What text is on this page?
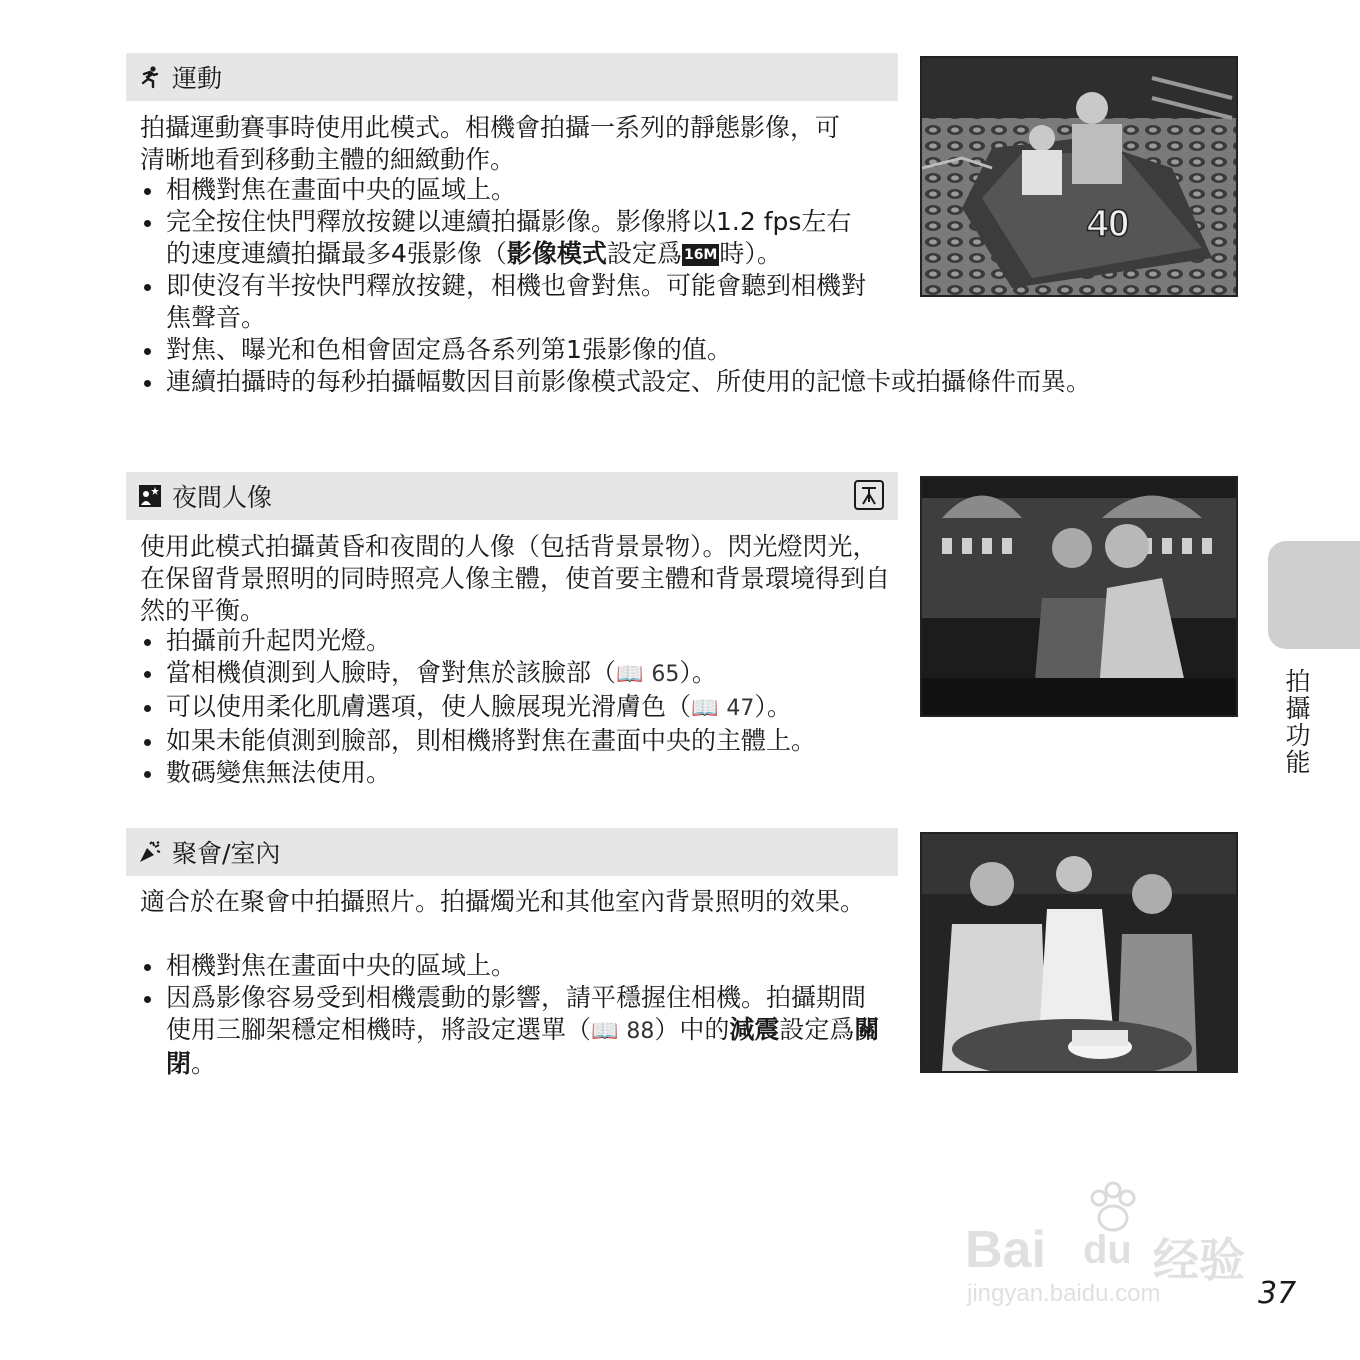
運動

拍攝運動賽事時使用此模式。相機會拍攝一系列的靜態影像，可清晰地看到移動主體的細緻動作。

相機對焦在畫面中央的區域上。
完全按住快門釋放按鍵以連續拍攝影像。影像將以1.2 fps左右的速度連續拍攝最多4張影像（影像模式設定爲 16M時）。
即使沒有半按快門釋放按鍵，相機也會對焦。可能會聽到相機對焦聲音。
對焦、曝光和色相會固定爲各系列第1張影像的值。
連續拍攝時的每秒拍攝幅數因目前影像模式設定、所使用的記憶卡或拍攝條件而異。
40
夜間人像

使用此模式拍攝黃昏和夜間的人像（包括背景景物）。閃光燈閃光，在保留背景照明的同時照亮人像主體，使首要主體和背景環境得到自然的平衡。

拍攝前升起閃光燈。
當相機偵測到人臉時，會對焦於該臉部（📖 65）。
可以使用柔化肌膚選項，使人臉展現光滑膚色（📖 47）。
如果未能偵測到臉部，則相機將對焦在畫面中央的主體上。
數碼變焦無法使用。
聚會/室內

適合於在聚會中拍攝照片。拍攝燭光和其他室內背景照明的效果。

相機對焦在畫面中央的區域上。
因爲影像容易受到相機震動的影響，請平穩握住相機。拍攝期間使用三腳架穩定相機時，將設定選單（📖 88）中的減震設定爲關閉。
拍攝功能
Bai du 经验
jingyan.baidu.com	37
